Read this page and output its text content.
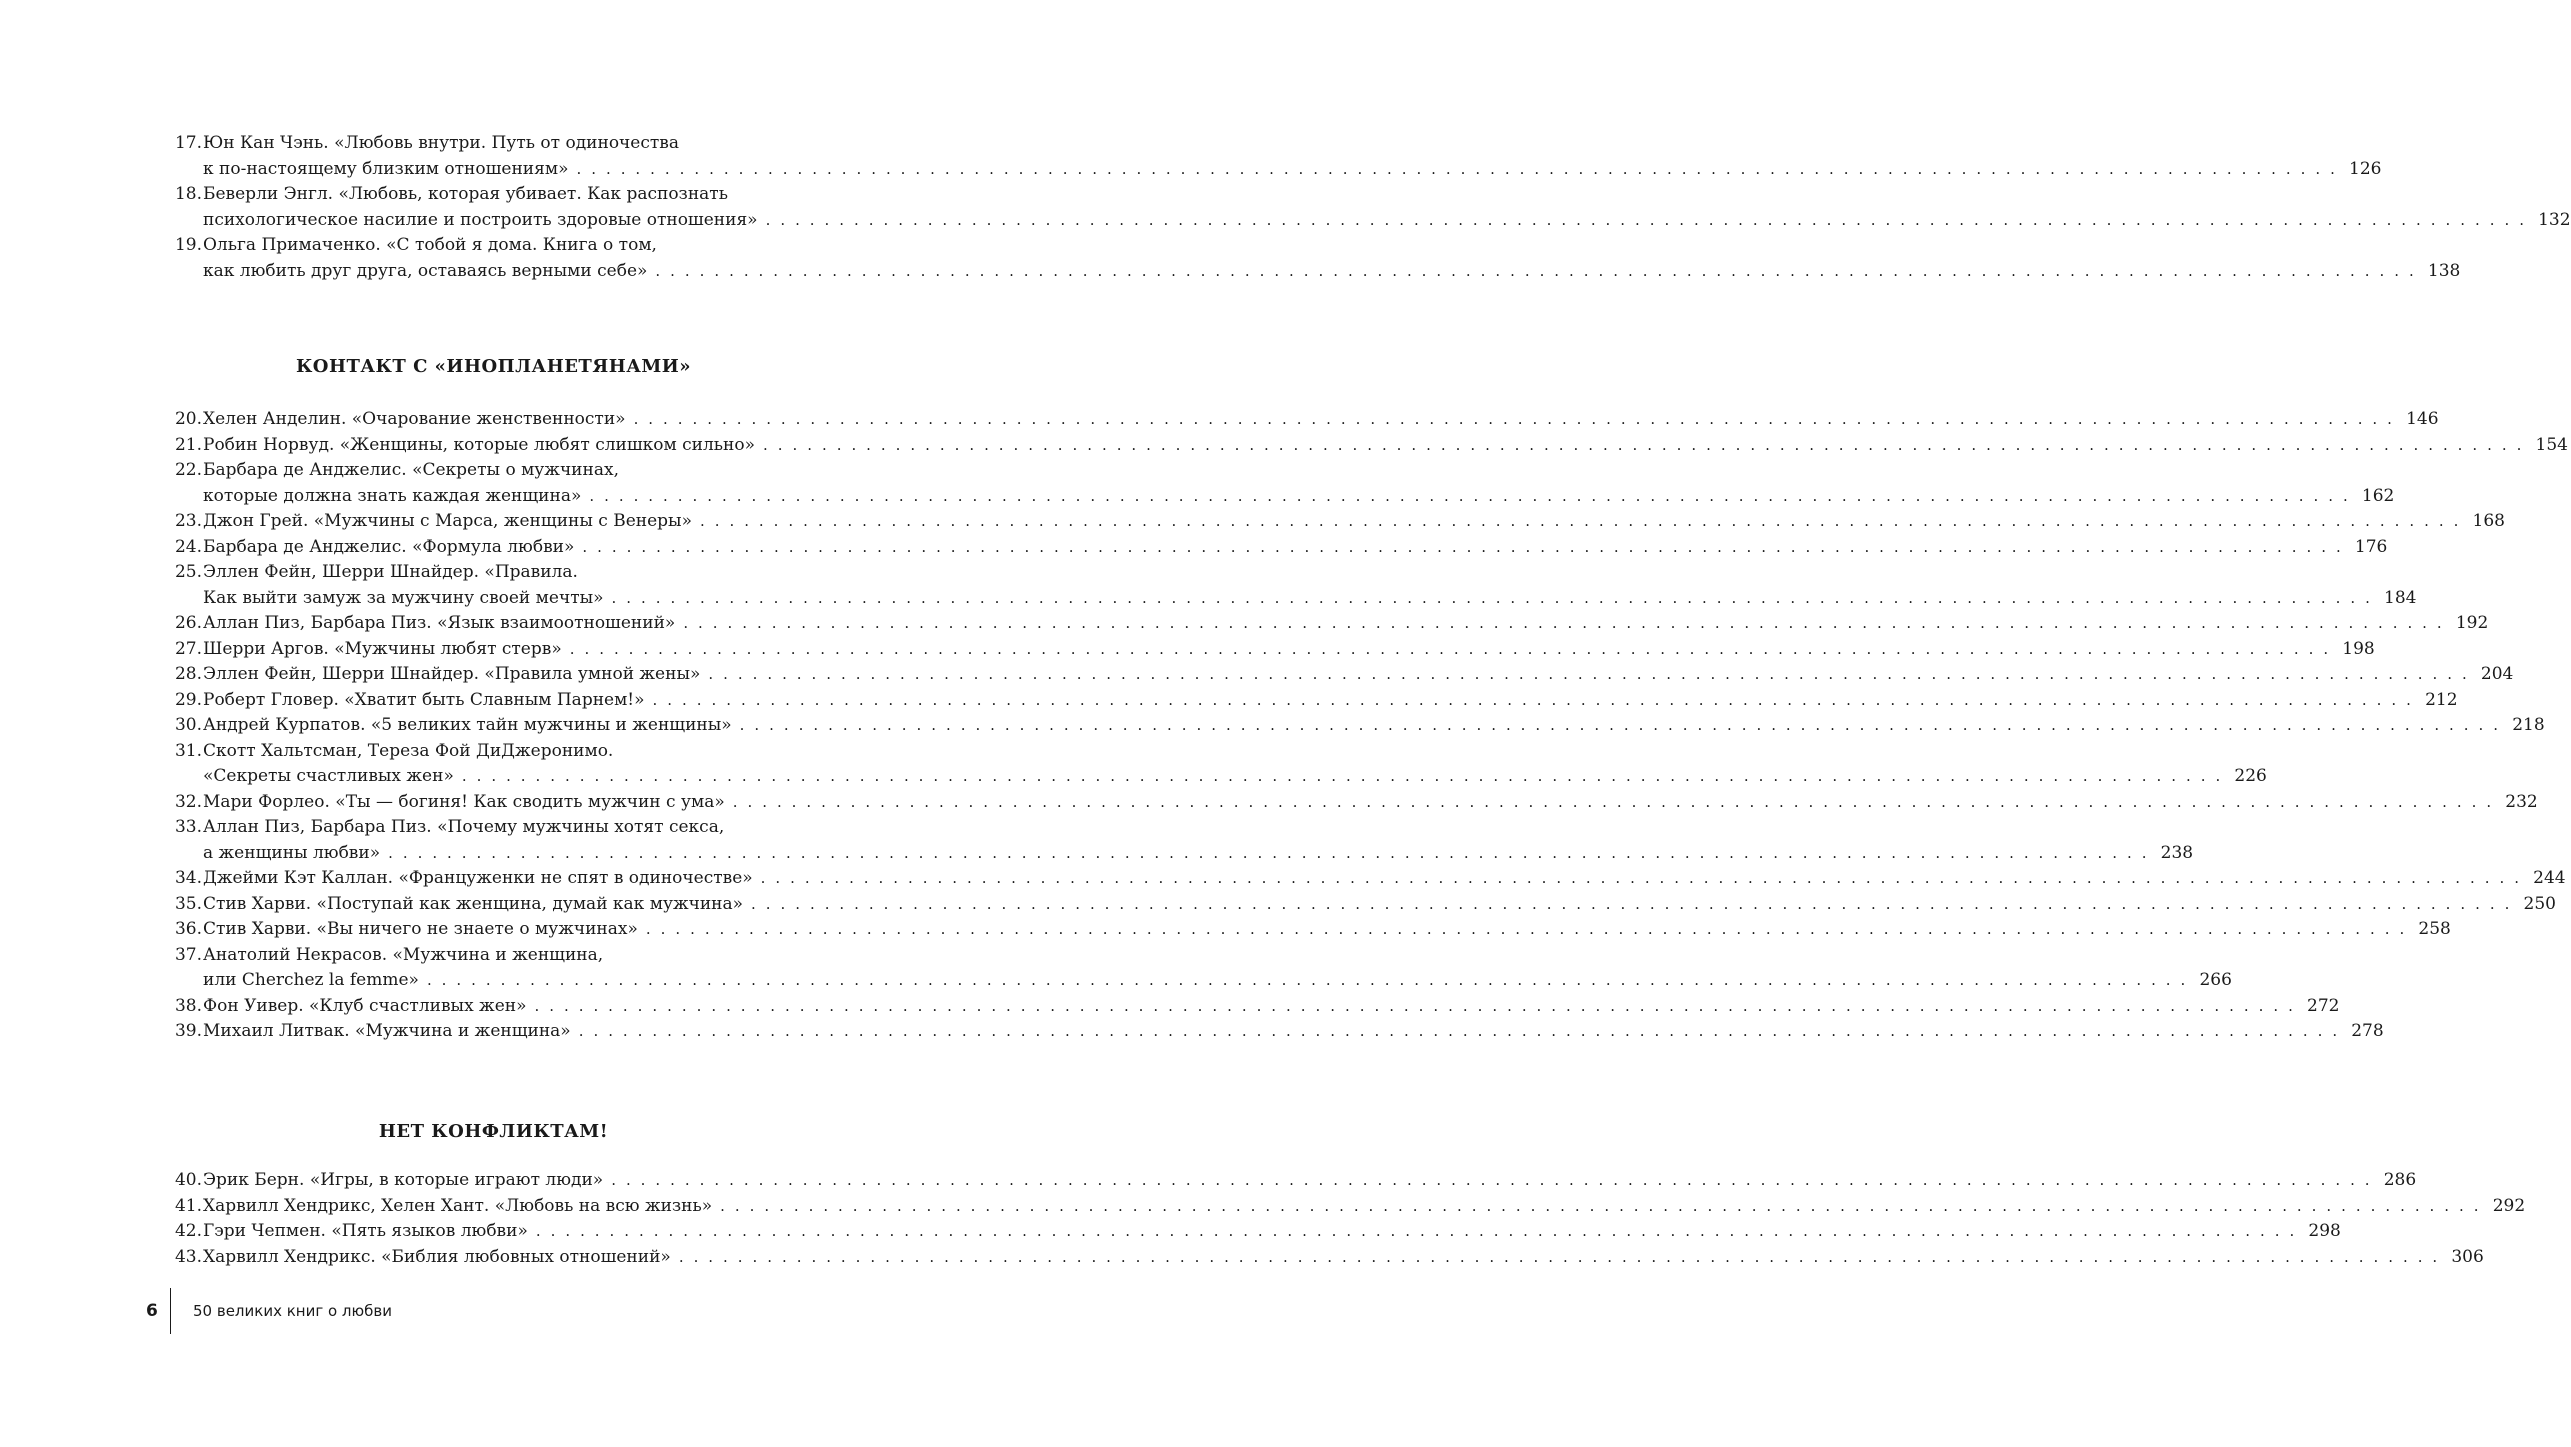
17. Юн Кан Чэнь. «Любовь внутри. Путь от одиночества
к по-настоящему близким отношениям» . . . . . . . . . . . . . . . . . . . . . . . . . . . . . . . . . . . . . . . . . . . . . . . . . . . . . . . . . . . . . . . . . . . . . . . . . . . . . . . . . . . . . . . . . . . . . . . . . . . . . . . . . . . . . . . . . . . . . . . . 126
18. Беверли Энгл. «Любовь, которая убивает. Как распознать
психологическое насилие и построить здоровые отношения» . . . . . . . . . . . . . . . . . . . . . . . . . . . . . . . . . . . . . . . . . . . . . . . . . . . . . . . . . . . . . . . . . . . . . . . . . . . . . . . . . . . . . . . . . . . . . . . . . . . . . . . . . . . . . . . . . . . . . . . . 132
19. Ольга Примаченко. «С тобой я дома. Книга о том,
как любить друг друга, оставаясь верными себе» . . . . . . . . . . . . . . . . . . . . . . . . . . . . . . . . . . . . . . . . . . . . . . . . . . . . . . . . . . . . . . . . . . . . . . . . . . . . . . . . . . . . . . . . . . . . . . . . . . . . . . . . . . . . . . . . . . . . . . . . 138
КОНТАКТ С «ИНОПЛАНЕТЯНАМИ»
20. Хелен Анделин. «Очарование женственности» . . . . . . . . . . . . . . . . . . . . . . . . . . . . . . . . . . . . . . . . . . . . . . . . . . . . . . . . . . . . . . . . . . . . . . . . . . . . . . . . . . . . . . . . . . . . . . . . . . . . . . . . . . . . . . . . . . . . . . . . 146
21. Робин Норвуд. «Женщины, которые любят слишком сильно» . . . . . . . . . . . . . . . . . . . . . . . . . . . . . . . . . . . . . . . . . . . . . . . . . . . . . . . . . . . . . . . . . . . . . . . . . . . . . . . . . . . . . . . . . . . . . . . . . . . . . . . . . . . . . . . . . . . . . . . . 154
22. Барбара де Анджелис. «Секреты о мужчинах,
которые должна знать каждая женщина» . . . . . . . . . . . . . . . . . . . . . . . . . . . . . . . . . . . . . . . . . . . . . . . . . . . . . . . . . . . . . . . . . . . . . . . . . . . . . . . . . . . . . . . . . . . . . . . . . . . . . . . . . . . . . . . . . . . . . . . . 162
23. Джон Грей. «Мужчины с Марса, женщины с Венеры» . . . . . . . . . . . . . . . . . . . . . . . . . . . . . . . . . . . . . . . . . . . . . . . . . . . . . . . . . . . . . . . . . . . . . . . . . . . . . . . . . . . . . . . . . . . . . . . . . . . . . . . . . . . . . . . . . . . . . . . . 168
24. Барбара де Анджелис. «Формула любви» . . . . . . . . . . . . . . . . . . . . . . . . . . . . . . . . . . . . . . . . . . . . . . . . . . . . . . . . . . . . . . . . . . . . . . . . . . . . . . . . . . . . . . . . . . . . . . . . . . . . . . . . . . . . . . . . . . . . . . . . 176
25. Эллен Фейн, Шерри Шнайдер. «Правила.
Как выйти замуж за мужчину своей мечты» . . . . . . . . . . . . . . . . . . . . . . . . . . . . . . . . . . . . . . . . . . . . . . . . . . . . . . . . . . . . . . . . . . . . . . . . . . . . . . . . . . . . . . . . . . . . . . . . . . . . . . . . . . . . . . . . . . . . . . . . 184
26. Аллан Пиз, Барбара Пиз. «Язык взаимоотношений» . . . . . . . . . . . . . . . . . . . . . . . . . . . . . . . . . . . . . . . . . . . . . . . . . . . . . . . . . . . . . . . . . . . . . . . . . . . . . . . . . . . . . . . . . . . . . . . . . . . . . . . . . . . . . . . . . . . . . . . . 192
27. Шерри Аргов. «Мужчины любят стерв» . . . . . . . . . . . . . . . . . . . . . . . . . . . . . . . . . . . . . . . . . . . . . . . . . . . . . . . . . . . . . . . . . . . . . . . . . . . . . . . . . . . . . . . . . . . . . . . . . . . . . . . . . . . . . . . . . . . . . . . . 198
28. Эллен Фейн, Шерри Шнайдер. «Правила умной жены» . . . . . . . . . . . . . . . . . . . . . . . . . . . . . . . . . . . . . . . . . . . . . . . . . . . . . . . . . . . . . . . . . . . . . . . . . . . . . . . . . . . . . . . . . . . . . . . . . . . . . . . . . . . . . . . . . . . . . . . . 204
29. Роберт Гловер. «Хватит быть Славным Парнем!» . . . . . . . . . . . . . . . . . . . . . . . . . . . . . . . . . . . . . . . . . . . . . . . . . . . . . . . . . . . . . . . . . . . . . . . . . . . . . . . . . . . . . . . . . . . . . . . . . . . . . . . . . . . . . . . . . . . . . . . . 212
30. Андрей Курпатов. «5 великих тайн мужчины и женщины» . . . . . . . . . . . . . . . . . . . . . . . . . . . . . . . . . . . . . . . . . . . . . . . . . . . . . . . . . . . . . . . . . . . . . . . . . . . . . . . . . . . . . . . . . . . . . . . . . . . . . . . . . . . . . . . . . . . . . . . . 218
31. Скотт Хальтсман, Тереза Фой ДиДжеронимо.
«Секреты счастливых жен» . . . . . . . . . . . . . . . . . . . . . . . . . . . . . . . . . . . . . . . . . . . . . . . . . . . . . . . . . . . . . . . . . . . . . . . . . . . . . . . . . . . . . . . . . . . . . . . . . . . . . . . . . . . . . . . . . . . . . . . . 226
32. Мари Форлео. «Ты — богиня! Как сводить мужчин с ума» . . . . . . . . . . . . . . . . . . . . . . . . . . . . . . . . . . . . . . . . . . . . . . . . . . . . . . . . . . . . . . . . . . . . . . . . . . . . . . . . . . . . . . . . . . . . . . . . . . . . . . . . . . . . . . . . . . . . . . . . 232
33. Аллан Пиз, Барбара Пиз. «Почему мужчины хотят секса,
а женщины любви» . . . . . . . . . . . . . . . . . . . . . . . . . . . . . . . . . . . . . . . . . . . . . . . . . . . . . . . . . . . . . . . . . . . . . . . . . . . . . . . . . . . . . . . . . . . . . . . . . . . . . . . . . . . . . . . . . . . . . . . . 238
34. Джейми Кэт Каллан. «Француженки не спят в одиночестве» . . . . . . . . . . . . . . . . . . . . . . . . . . . . . . . . . . . . . . . . . . . . . . . . . . . . . . . . . . . . . . . . . . . . . . . . . . . . . . . . . . . . . . . . . . . . . . . . . . . . . . . . . . . . . . . . . . . . . . . . 244
35. Стив Харви. «Поступай как женщина, думай как мужчина» . . . . . . . . . . . . . . . . . . . . . . . . . . . . . . . . . . . . . . . . . . . . . . . . . . . . . . . . . . . . . . . . . . . . . . . . . . . . . . . . . . . . . . . . . . . . . . . . . . . . . . . . . . . . . . . . . . . . . . . . 250
36. Стив Харви. «Вы ничего не знаете о мужчинах» . . . . . . . . . . . . . . . . . . . . . . . . . . . . . . . . . . . . . . . . . . . . . . . . . . . . . . . . . . . . . . . . . . . . . . . . . . . . . . . . . . . . . . . . . . . . . . . . . . . . . . . . . . . . . . . . . . . . . . . . 258
37. Анатолий Некрасов. «Мужчина и женщина,
или Cherchez la femme» . . . . . . . . . . . . . . . . . . . . . . . . . . . . . . . . . . . . . . . . . . . . . . . . . . . . . . . . . . . . . . . . . . . . . . . . . . . . . . . . . . . . . . . . . . . . . . . . . . . . . . . . . . . . . . . . . . . . . . . . 266
38. Фон Уивер. «Клуб счастливых жен» . . . . . . . . . . . . . . . . . . . . . . . . . . . . . . . . . . . . . . . . . . . . . . . . . . . . . . . . . . . . . . . . . . . . . . . . . . . . . . . . . . . . . . . . . . . . . . . . . . . . . . . . . . . . . . . . . . . . . . . . 272
39. Михаил Литвак. «Мужчина и женщина» . . . . . . . . . . . . . . . . . . . . . . . . . . . . . . . . . . . . . . . . . . . . . . . . . . . . . . . . . . . . . . . . . . . . . . . . . . . . . . . . . . . . . . . . . . . . . . . . . . . . . . . . . . . . . . . . . . . . . . . . 278
НЕТ КОНФЛИКТАМ!
40. Эрик Берн. «Игры, в которые играют люди» . . . . . . . . . . . . . . . . . . . . . . . . . . . . . . . . . . . . . . . . . . . . . . . . . . . . . . . . . . . . . . . . . . . . . . . . . . . . . . . . . . . . . . . . . . . . . . . . . . . . . . . . . . . . . . . . . . . . . . . . 286
41. Харвилл Хендрикс, Хелен Хант. «Любовь на всю жизнь» . . . . . . . . . . . . . . . . . . . . . . . . . . . . . . . . . . . . . . . . . . . . . . . . . . . . . . . . . . . . . . . . . . . . . . . . . . . . . . . . . . . . . . . . . . . . . . . . . . . . . . . . . . . . . . . . . . . . . . . . 292
42. Гэри Чепмен. «Пять языков любви» . . . . . . . . . . . . . . . . . . . . . . . . . . . . . . . . . . . . . . . . . . . . . . . . . . . . . . . . . . . . . . . . . . . . . . . . . . . . . . . . . . . . . . . . . . . . . . . . . . . . . . . . . . . . . . . . . . . . . . . . 298
43. Харвилл Хендрикс. «Библия любовных отношений» . . . . . . . . . . . . . . . . . . . . . . . . . . . . . . . . . . . . . . . . . . . . . . . . . . . . . . . . . . . . . . . . . . . . . . . . . . . . . . . . . . . . . . . . . . . . . . . . . . . . . . . . . . . . . . . . . . . . . . . . 306
6	50 великих книг о любви
